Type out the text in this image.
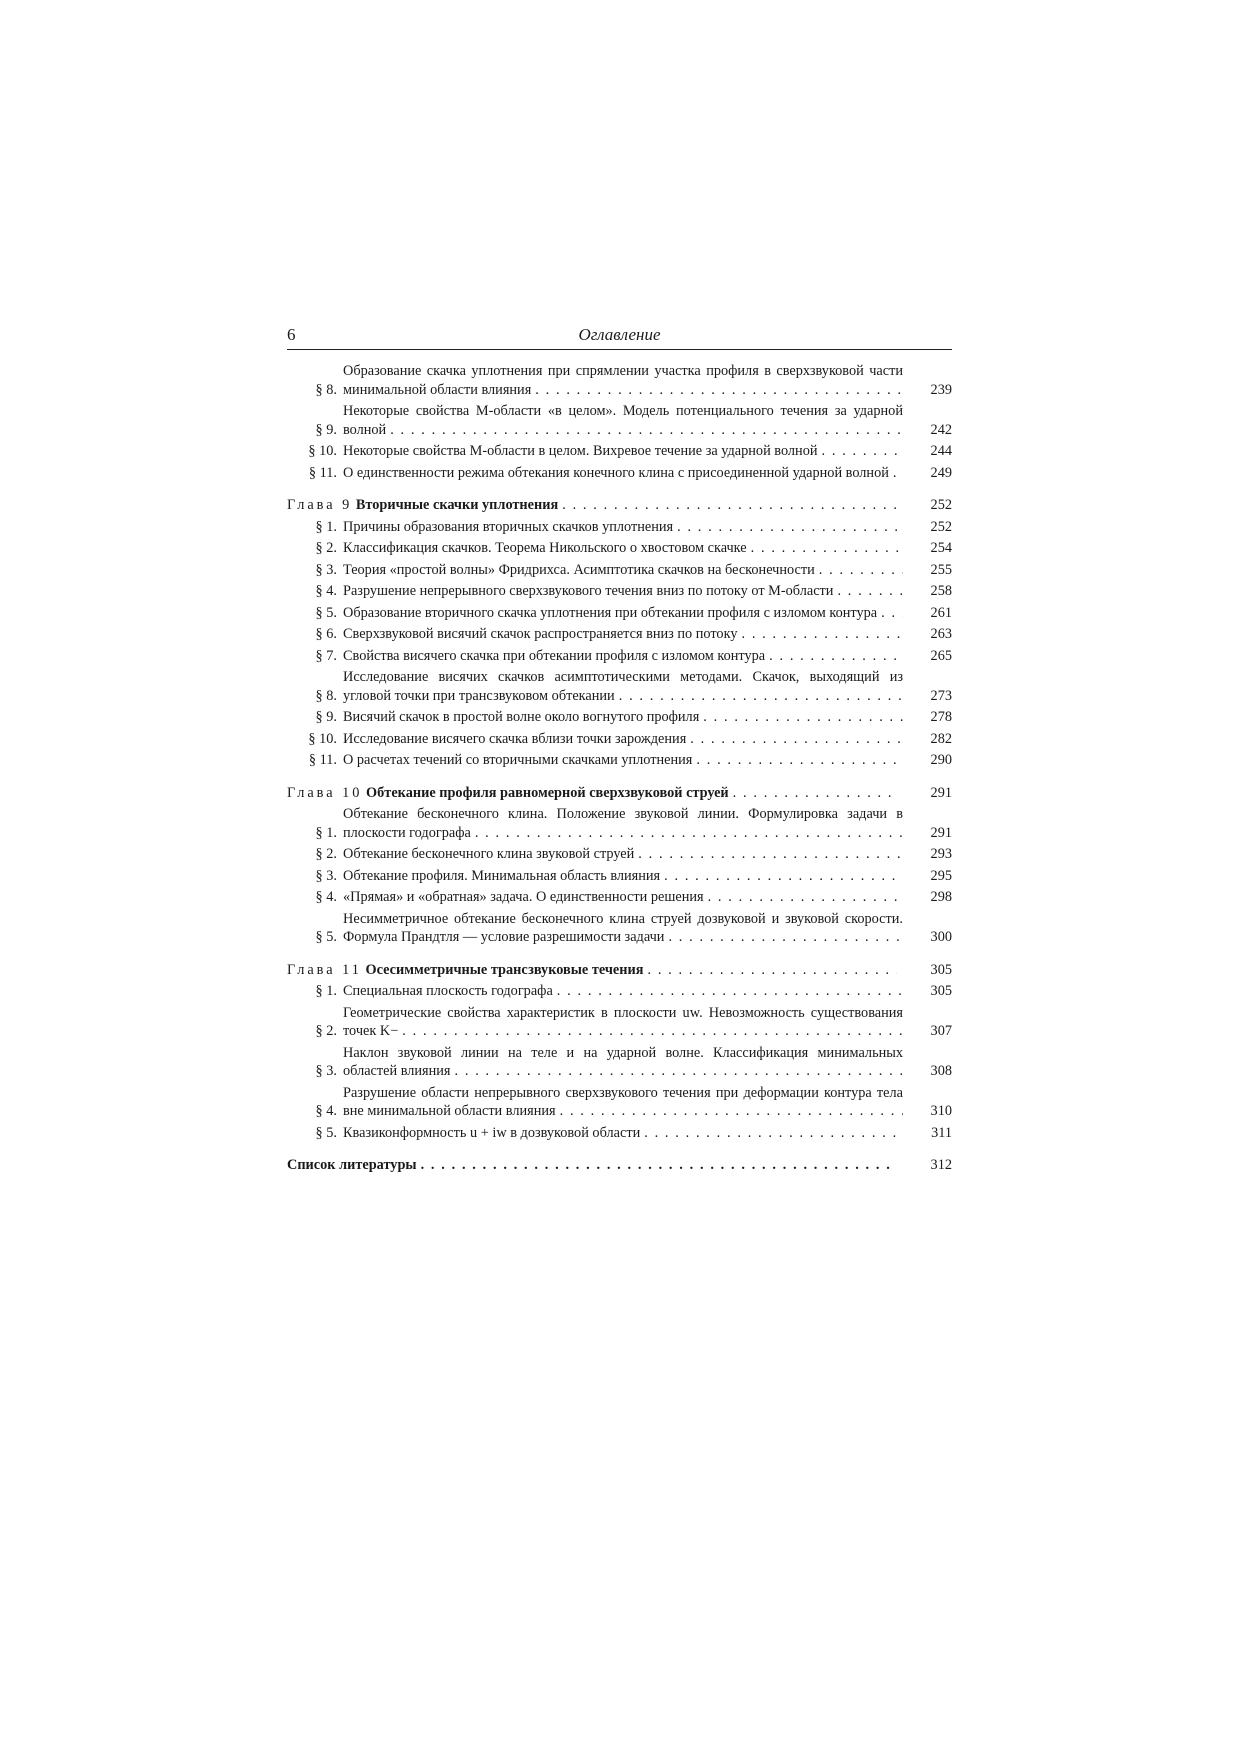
6	Оглавление
§ 8.
Образование скачка уплотнения при спрямлении участка профиля в сверхзвуковой части минимальной области влияния . . .	239
§ 9.
Некоторые свойства M-области «в целом». Модель потенциального течения за ударной волной . . .	242
§ 10. Некоторые свойства M-области в целом. Вихревое течение за ударной волной . . .	244
§ 11. О единственности режима обтекания конечного клина с присоединенной ударной волной . . .	249
Глава 9 Вторичные скачки уплотнения . . .	252
§ 1. Причины образования вторичных скачков уплотнения . . .	252
§ 2. Классификация скачков. Теорема Никольского о хвостовом скачке . . .	254
§ 3. Теория «простой волны» Фридрихса. Асимптотика скачков на бесконечности . . .	255
§ 4. Разрушение непрерывного сверхзвукового течения вниз по потоку от M-области . . .	258
§ 5. Образование вторичного скачка уплотнения при обтекании профиля с изломом контура . . .	261
§ 6. Сверхзвуковой висячий скачок распространяется вниз по потоку . . .	263
§ 7. Свойства висячего скачка при обтекании профиля с изломом контура . . .	265
§ 8.
Исследование висячих скачков асимптотическими методами. Скачок, выходящий из угловой точки при трансзвуковом обтекании . . .	273
§ 9. Висячий скачок в простой волне около вогнутого профиля . . .	278
§ 10. Исследование висячего скачка вблизи точки зарождения . . .	282
§ 11. О расчетах течений со вторичными скачками уплотнения . . .	290
Глава 10 Обтекание профиля равномерной сверхзвуковой струей . . .	291
§ 1.
Обтекание бесконечного клина. Положение звуковой линии. Формулировка задачи в плоскости годографа . . .	291
§ 2. Обтекание бесконечного клина звуковой струей . . .	293
§ 3. Обтекание профиля. Минимальная область влияния . . .	295
§ 4. «Прямая» и «обратная» задача. О единственности решения . . .	298
§ 5.
Несимметричное обтекание бесконечного клина струей дозвуковой и звуковой скорости. Формула Прандтля — условие разрешимости задачи . . .	300
Глава 11 Осесимметричные трансзвуковые течения . . .	305
§ 1. Специальная плоскость годографа . . .	305
§ 2.
Геометрические свойства характеристик в плоскости uw. Невозможность существования точек K− . . .	307
§ 3.
Наклон звуковой линии на теле и на ударной волне. Классификация минимальных областей влияния . . .	308
§ 4.
Разрушение области непрерывного сверхзвукового течения при деформации контура тела вне минимальной области влияния . . .	310
§ 5. Квазиконформность u + iw в дозвуковой области . . .	311
Список литературы . . .	312
